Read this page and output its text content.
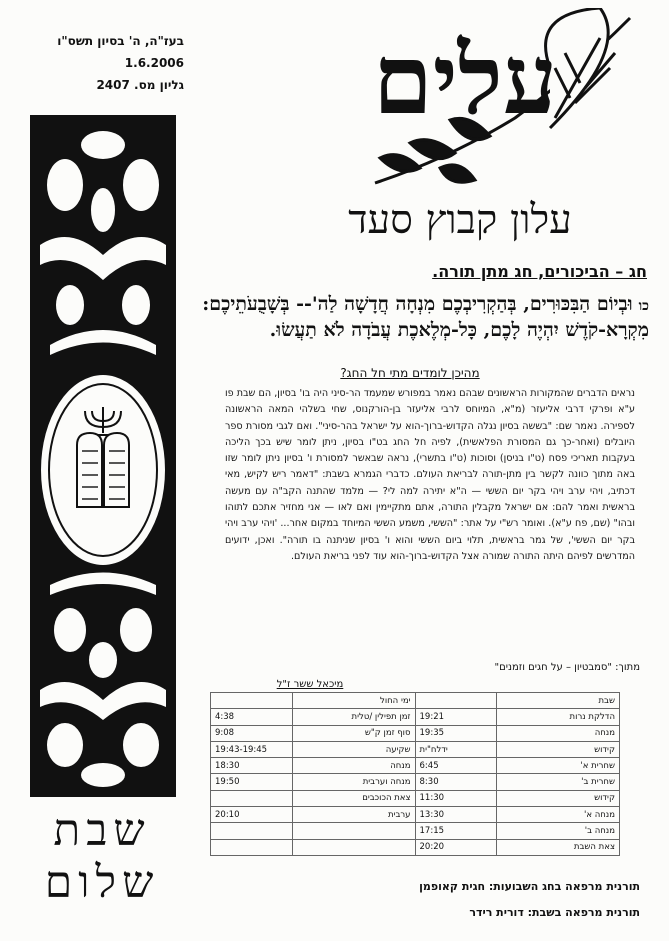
בעז"ה, ה' בסיון תשס"ו
1.6.2006
גליון מס. 2407
שבת
שלום
עלים
עלון קבוץ סעד
חג – הביכורים, חג מתן תורה.
כווּבְיוֹם הַבִּכּוּרִים, בְּהַקְרִיבְכֶם מִנְחָה חֲדָשָׁה לַה'-- בְּשָׁבֻעֹתֵיכֶם: מִקְרָא-קֹדֶשׁ יִהְיֶה לָכֶם, כָּל-מְלֶאכֶת עֲבֹדָה לֹא תַעֲשׂוּ.
מהיכן לומדים מתי חל החג?
נראים הדברים שהמקורות הראשונים שבהם נאמר במפורש שמעמד הר-סיני היה בו' בסיון, הם שבת פו ע"א ופרקי דרבי אליעזר (מ"א, המיוחס לרבי אליעזר בן-הורקנוס, שחי בשלהי המאה הראשונה לספירה. נאמר שם: "בששה בסיון נגלה הקדוש-ברוך-הוא על ישראל בהר-סיני". ואם לגבי מסורת ספר היובלים (ואחר-כך גם המסורת הפלאשית), לפיה חל החג בט"ו בסיון, ניתן לומר שיש בכך הליכה בעקבות תאריכי פסח (ט"ו בניסן) וסוכות (ט"ו בתשרי), נראה שבאשר למסורת ו' בסיון ניתן לומר שזו באה מתוך כוונה לקשר בין מתן-תורה לבריאת העולם. כדברי הגמרא בשבת: "דאמר ריש לקיש, מאי דכתיב, ויהי ערב ויהי בקר יום הששי — ה"א יתירה למה לי? — מלמד שהתנה הקב"ה עם מעשה בראשית ואמר להם: אם ישראל מקבלין התורה, אתם מתקיימין ואם לאו — אני מחזיר אתכם לתוהו ובהו" (שם, פח ע"א). ואומר רש"י על אתר: "הששי, משמע הששי המיוחד במקום אחר... 'ויהי ערב ויהי בקר יום הששי', של גמר בראשית, תלוי ביום הששי והוא ו' בסיון שניתנה בו תורה". ואכן, ידועים המדרשים לפיהם היתה התורה שמורה אצל הקדוש-ברוך-הוא עוד לפני בריאת העולם.
מתוך: "סמבטיון – על חגים וזמנים"
מיכאל ששר ז"ל
שבת		ימי החול	
הדלקת נרות	19:21	זמן תפילין /טלית	4:38
מנחה	19:35	סוף זמן ק"ש	9:08
קידוש	ידלח"ית	שקיעה	19:43-19:45
שחרית א'	6:45	מנחה	18:30
שחרית ב'	8:30	מנחה וערבית	19:50
קידוש	11:30	צאת הכוכבים	
מנחה א'	13:30	ערבית	20:10
מנחה ב'	17:15		
צאת השבת	20:20		
תורנית מרפאה בחג השבועות: חגית קאופמן
תורנית מרפאה בשבת: דורית רידר
